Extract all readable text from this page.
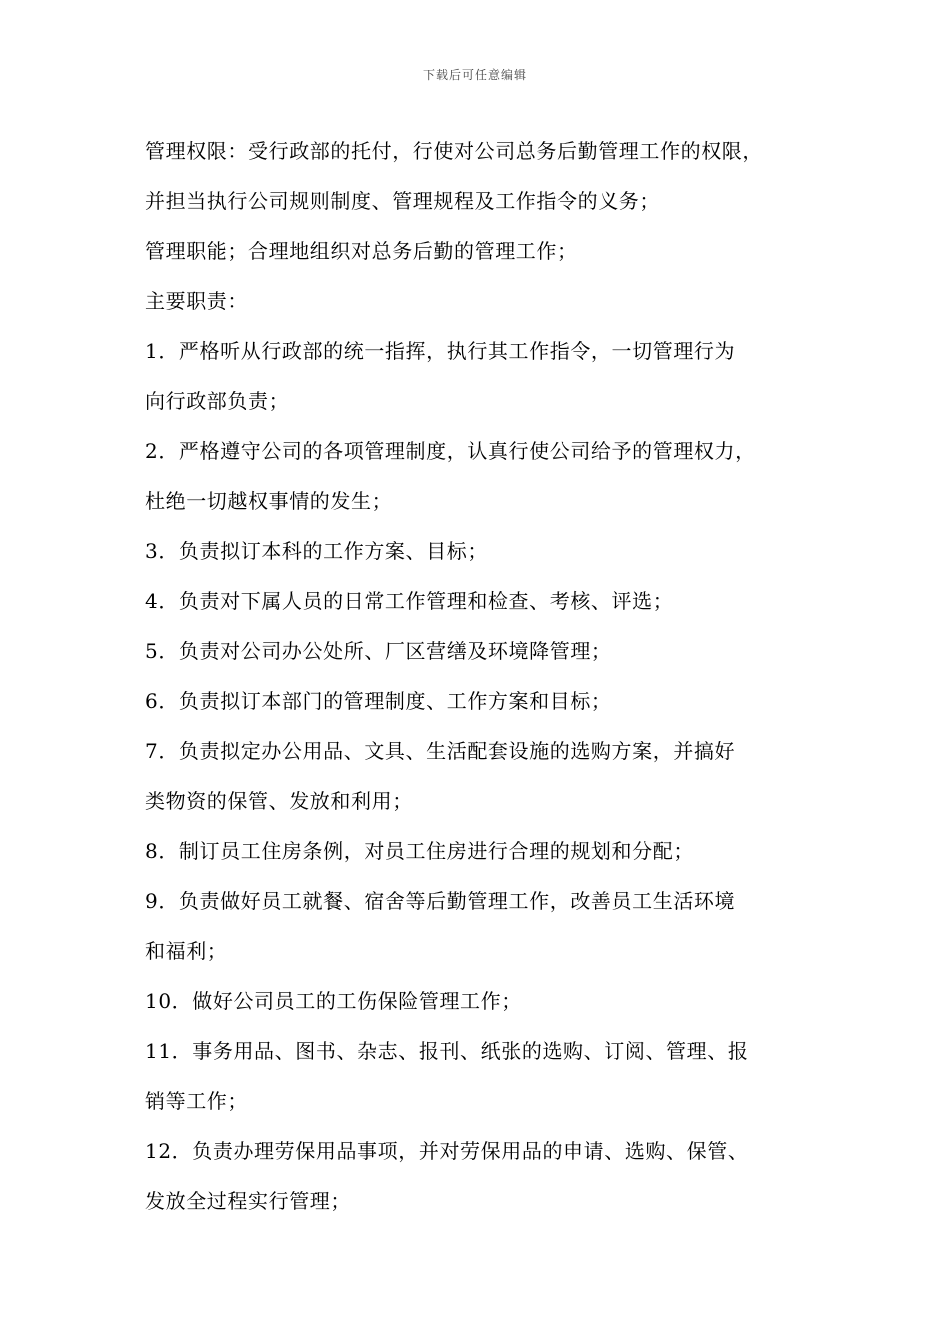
下载后可任意编辑
管理权限：受行政部的托付，行使对公司总务后勤管理工作的权限，
并担当执行公司规则制度、管理规程及工作指令的义务；
管理职能；合理地组织对总务后勤的管理工作；
主要职责：
1．严格听从行政部的统一指挥，执行其工作指令，一切管理行为
向行政部负责；
2．严格遵守公司的各项管理制度，认真行使公司给予的管理权力，
杜绝一切越权事情的发生；
3．负责拟订本科的工作方案、目标；
4．负责对下属人员的日常工作管理和检查、考核、评选；
5．负责对公司办公处所、厂区营缮及环境降管理；
6．负责拟订本部门的管理制度、工作方案和目标；
7．负责拟定办公用品、文具、生活配套设施的选购方案，并搞好
类物资的保管、发放和利用；
8．制订员工住房条例，对员工住房进行合理的规划和分配；
9．负责做好员工就餐、宿舍等后勤管理工作，改善员工生活环境
和福利；
10．做好公司员工的工伤保险管理工作；
11．事务用品、图书、杂志、报刊、纸张的选购、订阅、管理、报
销等工作；
12．负责办理劳保用品事项，并对劳保用品的申请、选购、保管、
发放全过程实行管理；
